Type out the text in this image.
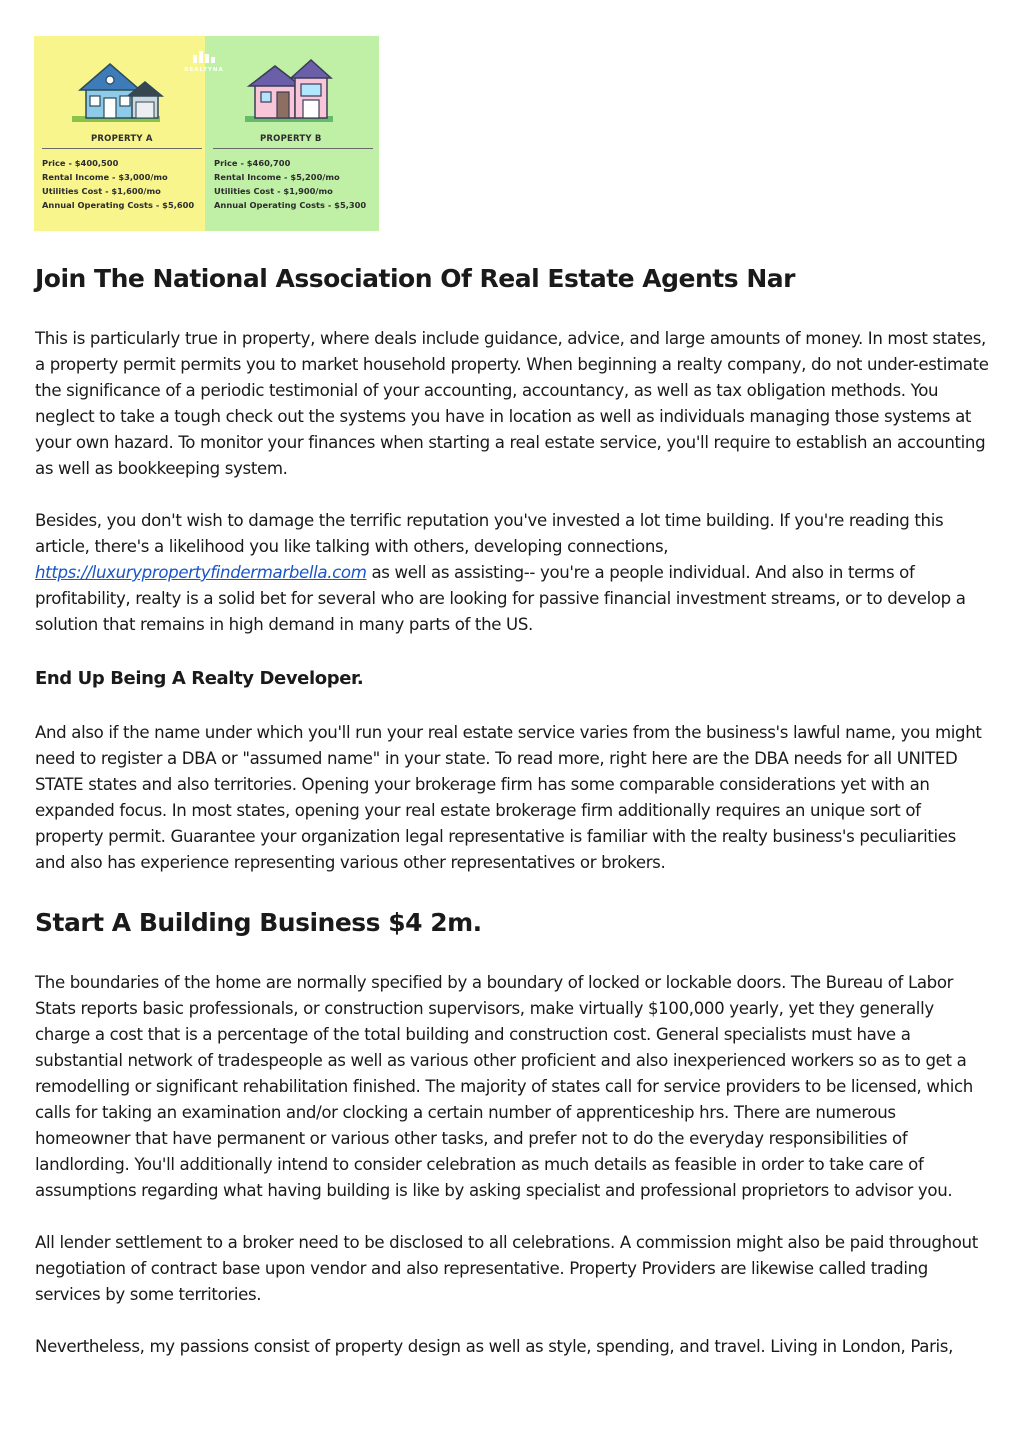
PROPERTY A
Price - $400,500
Rental Income - $3,000/mo
Utilities Cost - $1,600/mo
Annual Operating Costs - $5,600
PROPERTY B
Price - $460,700
Rental Income - $5,200/mo
Utilities Cost - $1,900/mo
Annual Operating Costs - $5,300
REALTYNA
Join The National Association Of Real Estate Agents Nar

This is particularly true in property, where deals include guidance, advice, and large amounts of money. In most states, a property permit permits you to market household property. When beginning a realty company, do not under-estimate the significance of a periodic testimonial of your accounting, accountancy, as well as tax obligation methods. You neglect to take a tough check out the systems you have in location as well as individuals managing those systems at your own hazard. To monitor your finances when starting a real estate service, you'll require to establish an accounting as well as bookkeeping system.

Besides, you don't wish to damage the terrific reputation you've invested a lot time building. If you're reading this article, there's a likelihood you like talking with others, developing connections, https://luxurypropertyfindermarbella.com as well as assisting-- you're a people individual. And also in terms of profitability, realty is a solid bet for several who are looking for passive financial investment streams, or to develop a solution that remains in high demand in many parts of the US.

End Up Being A Realty Developer.

And also if the name under which you'll run your real estate service varies from the business's lawful name, you might need to register a DBA or "assumed name" in your state. To read more, right here are the DBA needs for all UNITED STATE states and also territories. Opening your brokerage firm has some comparable considerations yet with an expanded focus. In most states, opening your real estate brokerage firm additionally requires an unique sort of property permit. Guarantee your organization legal representative is familiar with the realty business's peculiarities and also has experience representing various other representatives or brokers.

Start A Building Business $4 2m.

The boundaries of the home are normally specified by a boundary of locked or lockable doors. The Bureau of Labor Stats reports basic professionals, or construction supervisors, make virtually $100,000 yearly, yet they generally charge a cost that is a percentage of the total building and construction cost. General specialists must have a substantial network of tradespeople as well as various other proficient and also inexperienced workers so as to get a remodelling or significant rehabilitation finished. The majority of states call for service providers to be licensed, which calls for taking an examination and/or clocking a certain number of apprenticeship hrs. There are numerous homeowner that have permanent or various other tasks, and prefer not to do the everyday responsibilities of landlording. You'll additionally intend to consider celebration as much details as feasible in order to take care of assumptions regarding what having building is like by asking specialist and professional proprietors to advisor you.

All lender settlement to a broker need to be disclosed to all celebrations. A commission might also be paid throughout negotiation of contract base upon vendor and also representative. Property Providers are likewise called trading services by some territories.

Nevertheless, my passions consist of property design as well as style, spending, and travel. Living in London, Paris,
